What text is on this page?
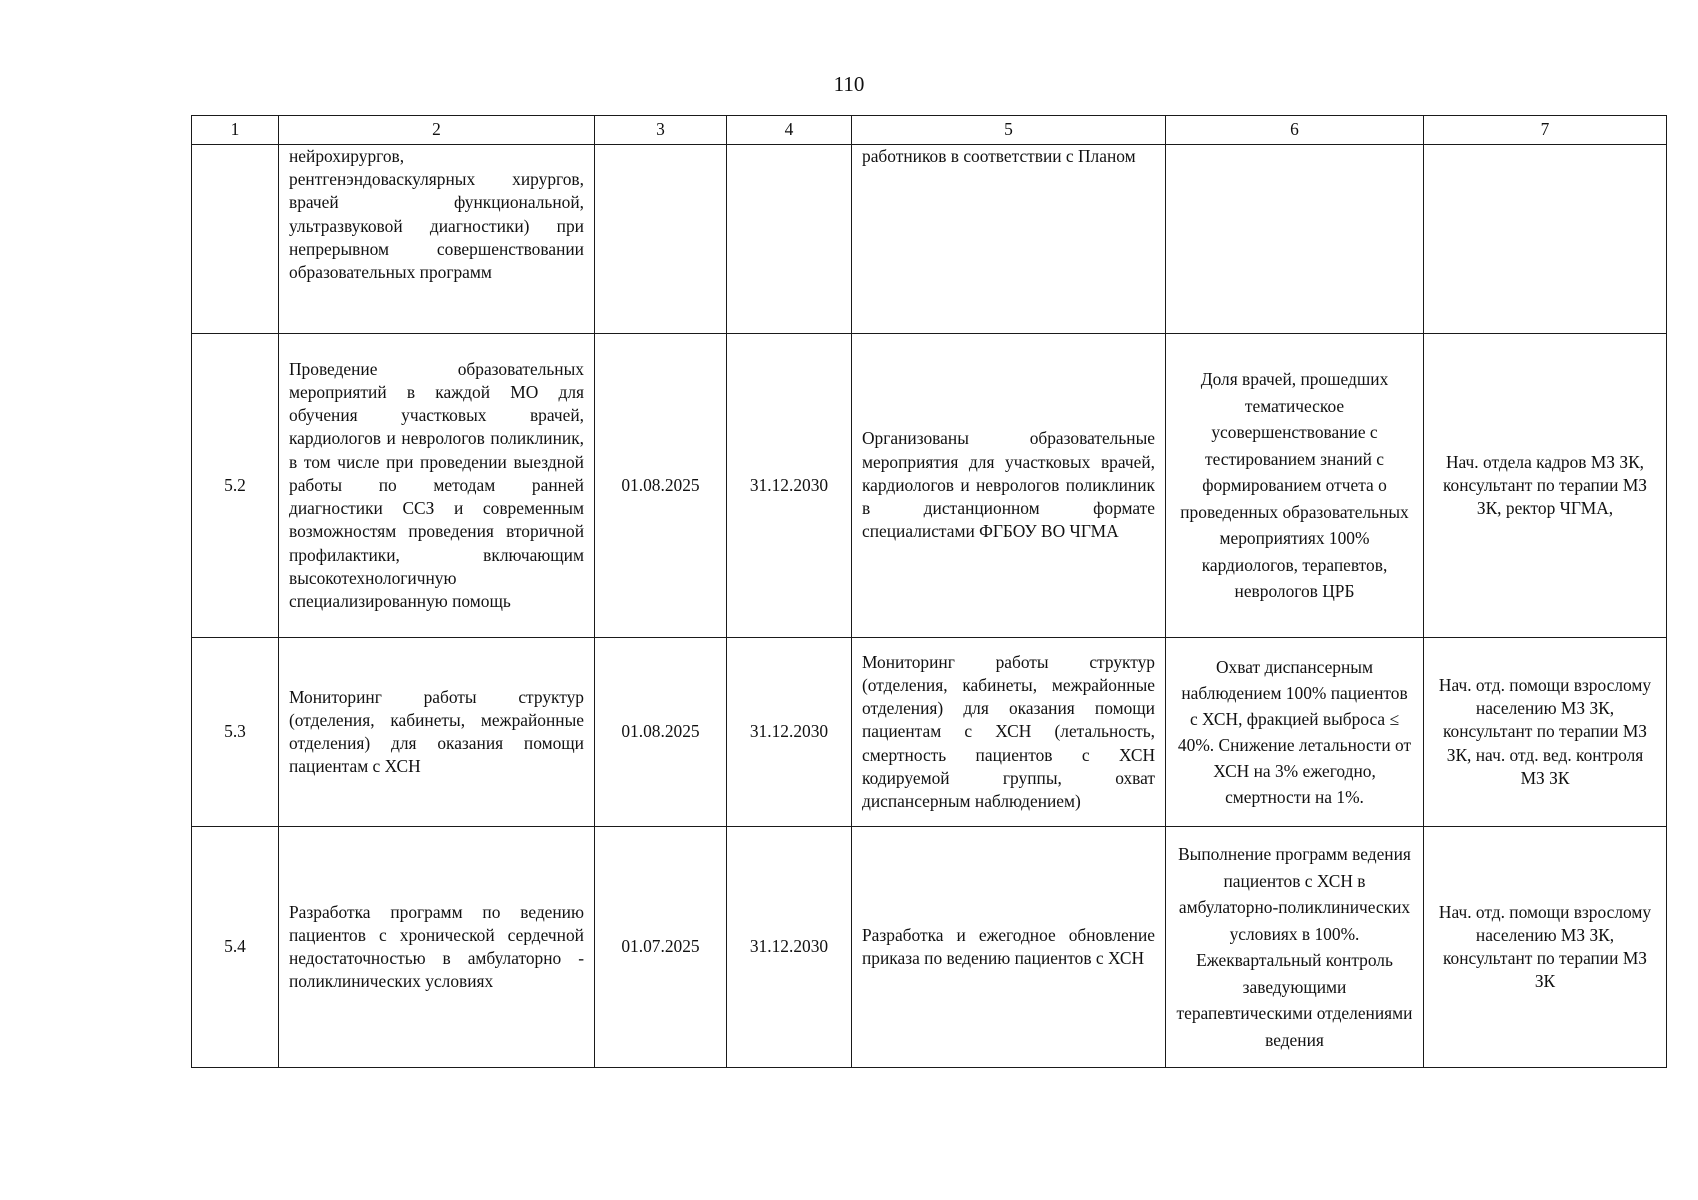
110
1	2	3	4	5	6	7
	нейрохирургов, рентгенэндоваскулярных хирургов, врачей функциональной, ультразвуковой диагностики) при непрерывном совершенствовании образовательных программ			работников в соответствии с Планом		
5.2	Проведение образовательных мероприятий в каждой МО для обучения участковых врачей, кардиологов и неврологов поликлиник, в том числе при проведении выездной работы по методам ранней диагностики ССЗ и современным возможностям проведения вторичной профилактики, включающим высокотехнологичную специализированную помощь	01.08.2025	31.12.2030	Организованы образовательные мероприятия для участковых врачей, кардиологов и неврологов поликлиник в дистанционном формате специалистами ФГБОУ ВО ЧГМА	Доля врачей, прошедших тематическое усовершенствование с тестированием знаний с формированием отчета о проведенных образовательных мероприятиях 100% кардиологов, терапевтов, неврологов ЦРБ	Нач. отдела кадров МЗ ЗК, консультант по терапии МЗ ЗК, ректор ЧГМА,
5.3	Мониторинг работы структур (отделения, кабинеты, межрайонные отделения) для оказания помощи пациентам с ХСН	01.08.2025	31.12.2030	Мониторинг работы структур (отделения, кабинеты, межрайонные отделения) для оказания помощи пациентам с ХСН (летальность, смертность пациентов с ХСН кодируемой группы, охват диспансерным наблюдением)	Охват диспансерным наблюдением 100% пациентов с ХСН, фракцией выброса ≤ 40%. Снижение летальности от ХСН на 3% ежегодно, смертности на 1%.	Нач. отд. помощи взрослому населению МЗ ЗК, консультант по терапии МЗ ЗК, нач. отд. вед. контроля МЗ ЗК
5.4	Разработка программ по ведению пациентов с хронической сердечной недостаточностью в амбулаторно - поликлинических условиях	01.07.2025	31.12.2030	Разработка и ежегодное обновление приказа по ведению пациентов с ХСН	Выполнение программ ведения пациентов с ХСН в амбулаторно-поликлинических условиях в 100%. Ежеквартальный контроль заведующими терапевтическими отделениями ведения	Нач. отд. помощи взрослому населению МЗ ЗК, консультант по терапии МЗ ЗК
